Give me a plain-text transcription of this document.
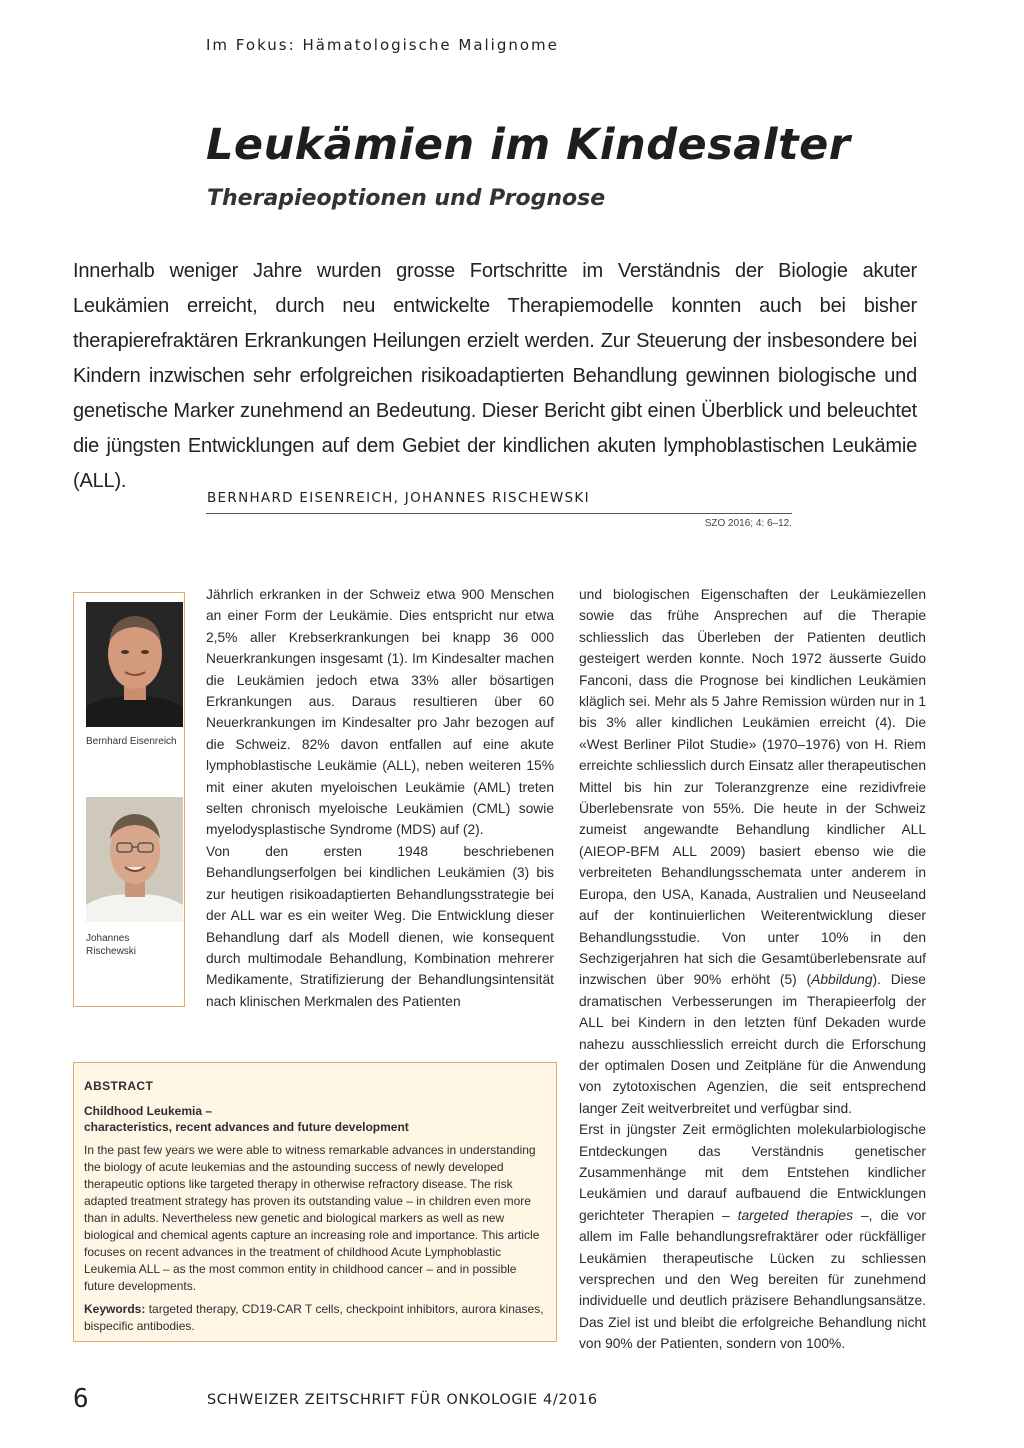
Im Fokus: Hämatologische Malignome
Leukämien im Kindesalter
Therapieoptionen und Prognose

Innerhalb weniger Jahre wurden grosse Fortschritte im Verständnis der Biologie akuter Leukämien erreicht, durch neu entwickelte Therapiemodelle konnten auch bei bisher therapierefraktären Erkrankungen Heilungen erzielt werden. Zur Steuerung der insbesondere bei Kindern inzwischen sehr erfolgreichen risikoadaptierten Behandlung gewinnen biologische und genetische Marker zunehmend an Bedeutung. Dieser Bericht gibt einen Überblick und beleuchtet die jüngsten Entwicklungen auf dem Gebiet der kindlichen akuten lymphoblastischen Leukämie (ALL).

BERNHARD EISENREICH, JOHANNES RISCHEWSKI
SZO 2016; 4: 6–12.
Bernhard Eisenreich
Johannes Rischewski

Jährlich erkranken in der Schweiz etwa 900 Menschen an einer Form der Leukämie. Dies entspricht nur etwa 2,5% aller Krebserkrankungen bei knapp 36 000 Neuerkrankungen insgesamt (1). Im Kindesalter machen die Leukämien jedoch etwa 33% aller bösartigen Erkrankungen aus. Daraus resultieren über 60 Neuerkrankungen im Kindesalter pro Jahr bezogen auf die Schweiz. 82% davon entfallen auf eine akute lymphoblastische Leukämie (ALL), neben weiteren 15% mit einer akuten myeloischen Leukämie (AML) treten selten chronisch myeloische Leukämien (CML) sowie myelodysplastische Syndrome (MDS) auf (2).

Von den ersten 1948 beschriebenen Behandlungserfolgen bei kindlichen Leukämien (3) bis zur heutigen risikoadaptierten Behandlungsstrategie bei der ALL war es ein weiter Weg. Die Entwicklung dieser Behandlung darf als Modell dienen, wie konsequent durch multimodale Behandlung, Kombination mehrerer Medikamente, Stratifizierung der Behandlungsintensität nach klinischen Merkmalen des Patienten

und biologischen Eigenschaften der Leukämiezellen sowie das frühe Ansprechen auf die Therapie schliesslich das Überleben der Patienten deutlich gesteigert werden konnte. Noch 1972 äusserte Guido Fanconi, dass die Prognose bei kindlichen Leukämien kläglich sei. Mehr als 5 Jahre Remission würden nur in 1 bis 3% aller kindlichen Leukämien erreicht (4). Die «West Berliner Pilot Studie» (1970–1976) von H. Riem erreichte schliesslich durch Einsatz aller therapeutischen Mittel bis hin zur Toleranzgrenze eine rezidivfreie Überlebensrate von 55%. Die heute in der Schweiz zumeist angewandte Behandlung kindlicher ALL (AIEOP-BFM ALL 2009) basiert ebenso wie die verbreiteten Behandlungsschemata unter anderem in Europa, den USA, Kanada, Australien und Neuseeland auf der kontinuierlichen Weiterentwicklung dieser Behandlungsstudie. Von unter 10% in den Sechzigerjahren hat sich die Gesamtüberlebensrate auf inzwischen über 90% erhöht (5) (Abbildung). Diese dramatischen Verbesserungen im Therapieerfolg der ALL bei Kindern in den letzten fünf Dekaden wurde nahezu ausschliesslich erreicht durch die Erforschung der optimalen Dosen und Zeitpläne für die Anwendung von zytotoxischen Agenzien, die seit entsprechend langer Zeit weitverbreitet und verfügbar sind.

Erst in jüngster Zeit ermöglichten molekularbiologische Entdeckungen das Verständnis genetischer Zusammenhänge mit dem Entstehen kindlicher Leukämien und darauf aufbauend die Entwicklungen gerichteter Therapien – targeted therapies –, die vor allem im Falle behandlungsrefraktärer oder rückfälliger Leukämien therapeutische Lücken zu schliessen versprechen und den Weg bereiten für zunehmend individuelle und deutlich präzisere Behandlungsansätze. Das Ziel ist und bleibt die erfolgreiche Behandlung nicht von 90% der Patienten, sondern von 100%.

ABSTRACT
Childhood Leukemia –
characteristics, recent advances and future development
In the past few years we were able to witness remarkable advances in understanding the biology of acute leukemias and the astounding success of newly developed therapeutic options like targeted therapy in otherwise refractory disease. The risk adapted treatment strategy has proven its outstanding value – in children even more than in adults. Nevertheless new genetic and biological markers as well as new biological and chemical agents capture an increasing role and importance. This article focuses on recent advances in the treatment of childhood Acute Lymphoblastic Leukemia ALL – as the most common entity in childhood cancer – and in possible future developments.
Keywords: targeted therapy, CD19-CAR T cells, checkpoint inhibitors, aurora kinases, bispecific antibodies.
6	SCHWEIZER ZEITSCHRIFT FÜR ONKOLOGIE 4/2016
